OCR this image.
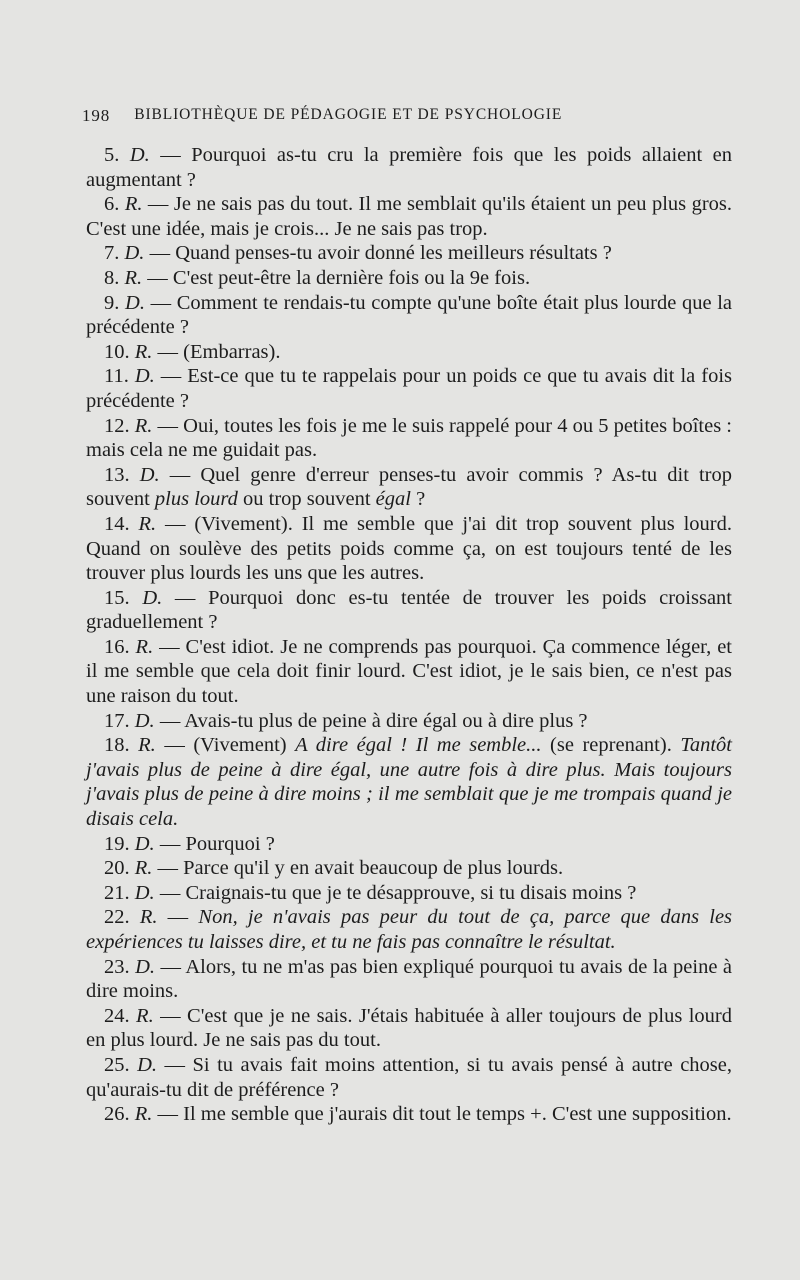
198 BIBLIOTHÈQUE DE PÉDAGOGIE ET DE PSYCHOLOGIE

5. D. — Pourquoi as-tu cru la première fois que les poids allaient en augmentant ?

6. R. — Je ne sais pas du tout. Il me semblait qu'ils étaient un peu plus gros. C'est une idée, mais je crois... Je ne sais pas trop.

7. D. — Quand penses-tu avoir donné les meilleurs résultats ?

8. R. — C'est peut-être la dernière fois ou la 9e fois.

9. D. — Comment te rendais-tu compte qu'une boîte était plus lourde que la précédente ?

10. R. — (Embarras).

11. D. — Est-ce que tu te rappelais pour un poids ce que tu avais dit la fois précédente ?

12. R. — Oui, toutes les fois je me le suis rappelé pour 4 ou 5 petites boîtes : mais cela ne me guidait pas.

13. D. — Quel genre d'erreur penses-tu avoir commis ? As-tu dit trop souvent plus lourd ou trop souvent égal ?

14. R. — (Vivement). Il me semble que j'ai dit trop souvent plus lourd. Quand on soulève des petits poids comme ça, on est toujours tenté de les trouver plus lourds les uns que les autres.

15. D. — Pourquoi donc es-tu tentée de trouver les poids croissant graduellement ?

16. R. — C'est idiot. Je ne comprends pas pourquoi. Ça commence léger, et il me semble que cela doit finir lourd. C'est idiot, je le sais bien, ce n'est pas une raison du tout.

17. D. — Avais-tu plus de peine à dire égal ou à dire plus ?

18. R. — (Vivement) A dire égal ! Il me semble... (se reprenant). Tantôt j'avais plus de peine à dire égal, une autre fois à dire plus. Mais toujours j'avais plus de peine à dire moins ; il me semblait que je me trompais quand je disais cela.

19. D. — Pourquoi ?

20. R. — Parce qu'il y en avait beaucoup de plus lourds.

21. D. — Craignais-tu que je te désapprouve, si tu disais moins ?

22. R. — Non, je n'avais pas peur du tout de ça, parce que dans les expériences tu laisses dire, et tu ne fais pas connaître le résultat.

23. D. — Alors, tu ne m'as pas bien expliqué pourquoi tu avais de la peine à dire moins.

24. R. — C'est que je ne sais. J'étais habituée à aller toujours de plus lourd en plus lourd. Je ne sais pas du tout.

25. D. — Si tu avais fait moins attention, si tu avais pensé à autre chose, qu'aurais-tu dit de préférence ?

26. R. — Il me semble que j'aurais dit tout le temps +. C'est une supposition.
